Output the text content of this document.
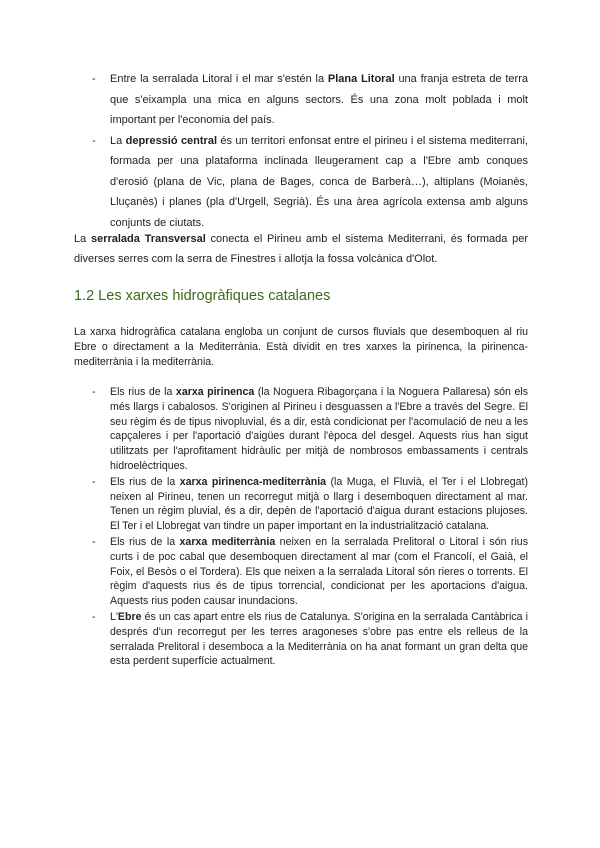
- Entre la serralada Litoral i el mar s'estén la Plana Litoral una franja estreta de terra que s'eixampla una mica en alguns sectors. És una zona molt poblada i molt important per l'economia del país.
- La depressió central és un territori enfonsat entre el pirineu i el sistema mediterrani, formada per una plataforma inclinada lleugerament cap a l'Ebre amb conques d'erosió (plana de Vic, plana de Bages, conca de Barberà…), altiplans (Moianès, Lluçanès) i planes (pla d'Urgell, Segrià). És una àrea agrícola extensa amb alguns conjunts de ciutats.
La serralada Transversal conecta el Pirineu amb el sistema Mediterrani, és formada per diverses serres com la serra de Finestres i allotja la fossa volcànica d'Olot.
1.2 Les xarxes hidrogràfiques catalanes
La xarxa hidrogràfica catalana engloba un conjunt de cursos fluvials que desemboquen al riu Ebre o directament a la Mediterrània. Està dividit en tres xarxes la pirinenca, la pirinenca-mediterrània i la mediterrània.
- Els rius de la xarxa pirinenca (la Noguera Ribagorçana i la Noguera Pallaresa) són els més llargs i cabalosos. S'originen al Pirineu i desguassen a l'Ebre a través del Segre. El seu règim és de tipus nivopluvial, és a dir, està condicionat per l'acomulació de neu a les capçaleres i per l'aportació d'aigües durant l'època del desgel. Aquests rius han sigut utilitzats per l'aprofitament hidràulic per mitjà de nombrosos embassaments i centrals hidroelèctriques.
- Els rius de la xarxa pirinenca-mediterrània (la Muga, el Fluvià, el Ter i el Llobregat) neixen al Pirineu, tenen un recorregut mitjà o llarg i desemboquen directament al mar. Tenen un règim pluvial, és a dir, depèn de l'aportació d'aigua durant estacions plujoses. El Ter i el Llobregat van tindre un paper important en la industrialització catalana.
- Els rius de la xarxa mediterrània neixen en la serralada Prelitoral o Litoral i són rius curts i de poc cabal que desemboquen directament al mar (com el Francolí, el Gaià, el Foix, el Besòs o el Tordera). Els que neixen a la serralada Litoral són rieres o torrents. El règim d'aquests rius és de tipus torrencial, condicionat per les aportacions d'aigua. Aquests rius poden causar inundacions.
- L'Ebre és un cas apart entre els rius de Catalunya. S'origina en la serralada Cantàbrica i després d'un recorregut per les terres aragoneses s'obre pas entre els relleus de la serralada Prelitoral i desemboca a la Mediterrània on ha anat formant un gran delta que esta perdent superfície actualment.
